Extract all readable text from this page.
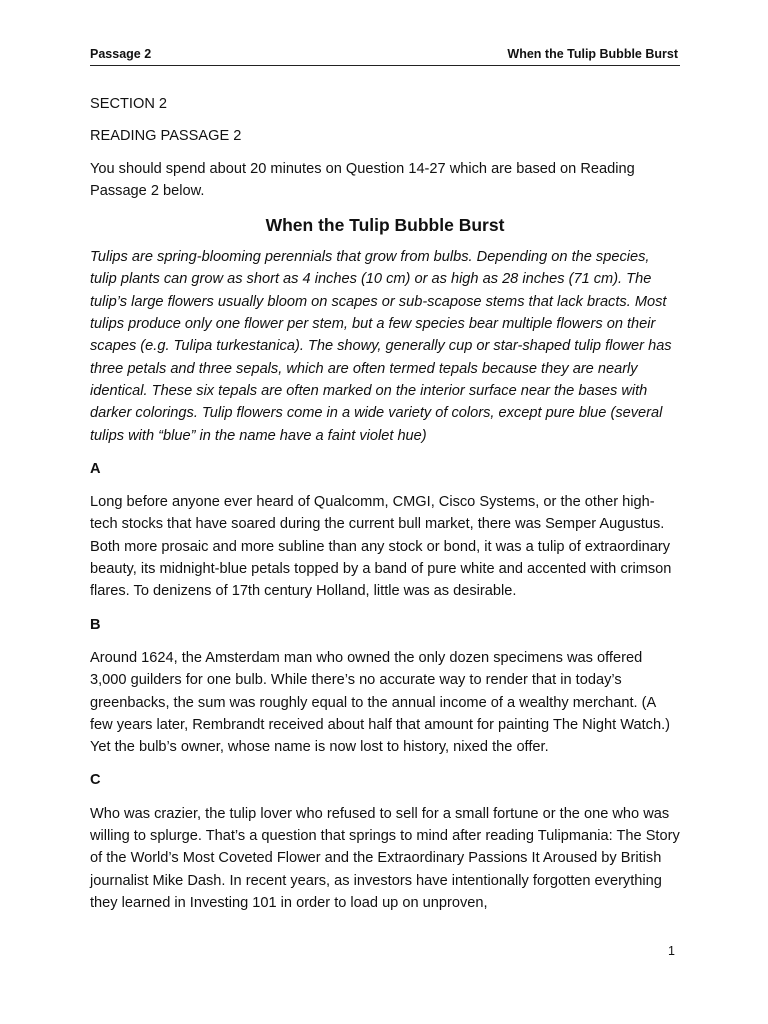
Passage 2	When the Tulip Bubble Burst

SECTION 2

READING PASSAGE 2

You should spend about 20 minutes on Question 14-27 which are based on Reading Passage 2 below.

When the Tulip Bubble Burst

Tulips are spring-blooming perennials that grow from bulbs. Depending on the species, tulip plants can grow as short as 4 inches (10 cm) or as high as 28 inches (71 cm). The tulip’s large flowers usually bloom on scapes or sub-scapose stems that lack bracts. Most tulips produce only one flower per stem, but a few species bear multiple flowers on their scapes (e.g. Tulipa turkestanica). The showy, generally cup or star-shaped tulip flower has three petals and three sepals, which are often termed tepals because they are nearly identical. These six tepals are often marked on the interior surface near the bases with darker colorings. Tulip flowers come in a wide variety of colors, except pure blue (several tulips with “blue” in the name have a faint violet hue)

A

Long before anyone ever heard of Qualcomm, CMGI, Cisco Systems, or the other high-tech stocks that have soared during the current bull market, there was Semper Augustus. Both more prosaic and more subline than any stock or bond, it was a tulip of extraordinary beauty, its midnight-blue petals topped by a band of pure white and accented with crimson flares. To denizens of 17th century Holland, little was as desirable.

B

Around 1624, the Amsterdam man who owned the only dozen specimens was offered 3,000 guilders for one bulb. While there’s no accurate way to render that in today’s greenbacks, the sum was roughly equal to the annual income of a wealthy merchant. (A few years later, Rembrandt received about half that amount for painting The Night Watch.) Yet the bulb’s owner, whose name is now lost to history, nixed the offer.

C

Who was crazier, the tulip lover who refused to sell for a small fortune or the one who was willing to splurge. That’s a question that springs to mind after reading Tulipmania: The Story of the World’s Most Coveted Flower and the Extraordinary Passions It Aroused by British journalist Mike Dash. In recent years, as investors have intentionally forgotten everything they learned in Investing 101 in order to load up on unproven,

1
